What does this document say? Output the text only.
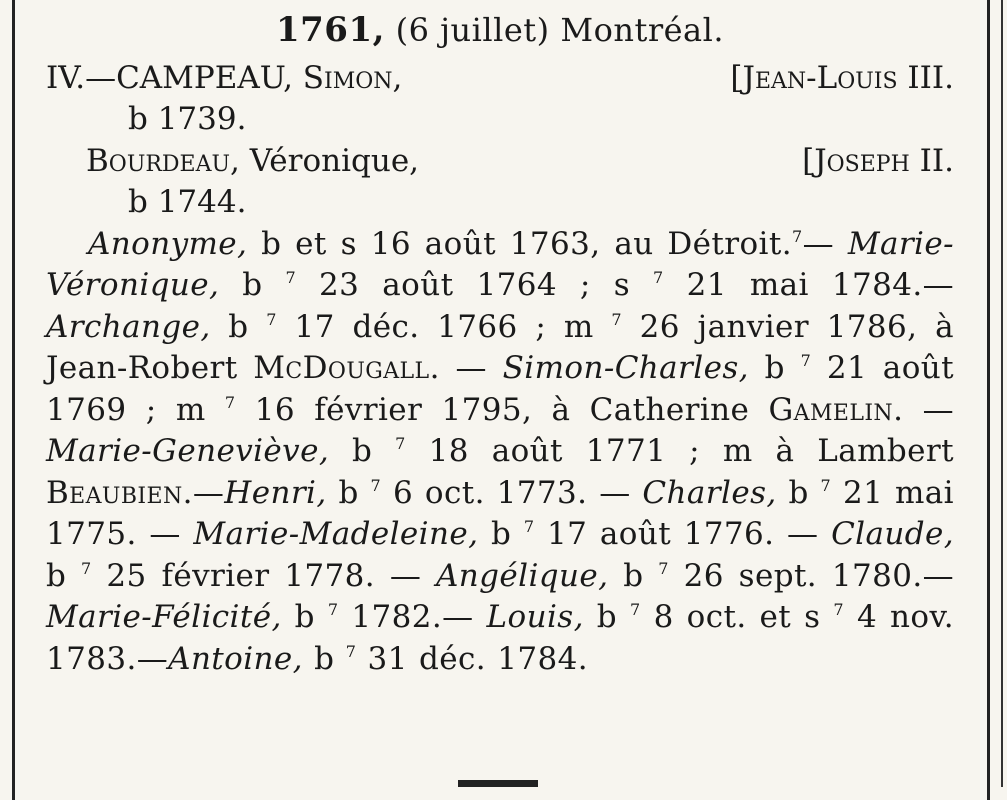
1761, (6 juillet) Montréal.
IV.—CAMPEAU, Simon,	[Jean-Louis III.
b 1739.
Bourdeau, Véronique,	[Joseph II.
b 1744.
Anonyme, b et s 16 août 1763, au Détroit.$^7$— Marie-Véronique, b $^7$ 23 août 1764 ; s $^7$ 21 mai 1784.— Archange, b $^7$ 17 déc. 1766 ; m $^7$ 26 janvier 1786, à Jean-Robert McDougall. — Simon-Charles, b $^7$ 21 août 1769 ; m $^7$ 16 février 1795, à Catherine Gamelin. — Marie-Geneviève, b $^7$ 18 août 1771 ; m à Lambert Beaubien.—Henri, b $^7$ 6 oct. 1773. — Charles, b $^7$ 21 mai 1775. — Marie-Madeleine, b $^7$ 17 août 1776. — Claude, b $^7$ 25 février 1778. — Angélique, b $^7$ 26 sept. 1780.— Marie-Félicité, b $^7$ 1782.— Louis, b $^7$ 8 oct. et s $^7$ 4 nov. 1783.—Antoine, b $^7$ 31 déc. 1784.
